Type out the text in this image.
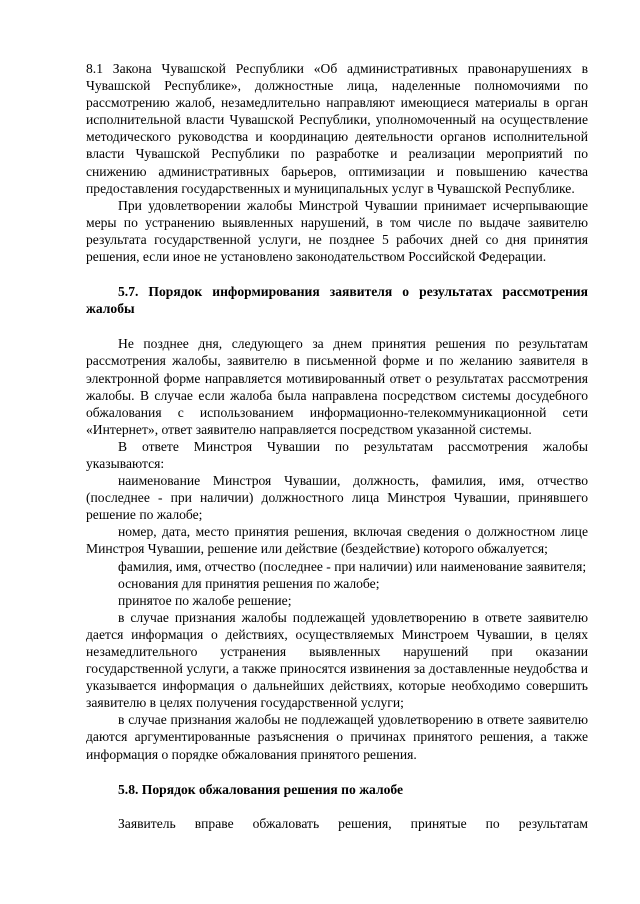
8.1 Закона Чувашской Республики «Об административных правонарушениях в Чувашской Республике», должностные лица, наделенные полномочиями по рассмотрению жалоб, незамедлительно направляют имеющиеся материалы в орган исполнительной власти Чувашской Республики, уполномоченный на осуществление методического руководства и координацию деятельности органов исполнительной власти Чувашской Республики по разработке и реализации мероприятий по снижению административных барьеров, оптимизации и повышению качества предоставления государственных и муниципальных услуг в Чувашской Республике.

При удовлетворении жалобы Минстрой Чувашии принимает исчерпывающие меры по устранению выявленных нарушений, в том числе по выдаче заявителю результата государственной услуги, не позднее 5 рабочих дней со дня принятия решения, если иное не установлено законодательством Российской Федерации.

5.7. Порядок информирования заявителя о результатах рассмотрения жалобы

Не позднее дня, следующего за днем принятия решения по результатам рассмотрения жалобы, заявителю в письменной форме и по желанию заявителя в электронной форме направляется мотивированный ответ о результатах рассмотрения жалобы. В случае если жалоба была направлена посредством системы досудебного обжалования с использованием информационно-телекоммуникационной сети «Интернет», ответ заявителю направляется посредством указанной системы.

В ответе Минстроя Чувашии по результатам рассмотрения жалобы указываются:

наименование Минстроя Чувашии, должность, фамилия, имя, отчество (последнее - при наличии) должностного лица Минстроя Чувашии, принявшего решение по жалобе;

номер, дата, место принятия решения, включая сведения о должностном лице Минстроя Чувашии, решение или действие (бездействие) которого обжалуется;

фамилия, имя, отчество (последнее - при наличии) или наименование заявителя;

основания для принятия решения по жалобе;

принятое по жалобе решение;

в случае признания жалобы подлежащей удовлетворению в ответе заявителю дается информация о действиях, осуществляемых Минстроем Чувашии, в целях незамедлительного устранения выявленных нарушений при оказании государственной услуги, а также приносятся извинения за доставленные неудобства и указывается информация о дальнейших действиях, которые необходимо совершить заявителю в целях получения государственной услуги;

в случае признания жалобы не подлежащей удовлетворению в ответе заявителю даются аргументированные разъяснения о причинах принятого решения, а также информация о порядке обжалования принятого решения.

5.8. Порядок обжалования решения по жалобе

Заявитель вправе обжаловать решения, принятые по результатам
